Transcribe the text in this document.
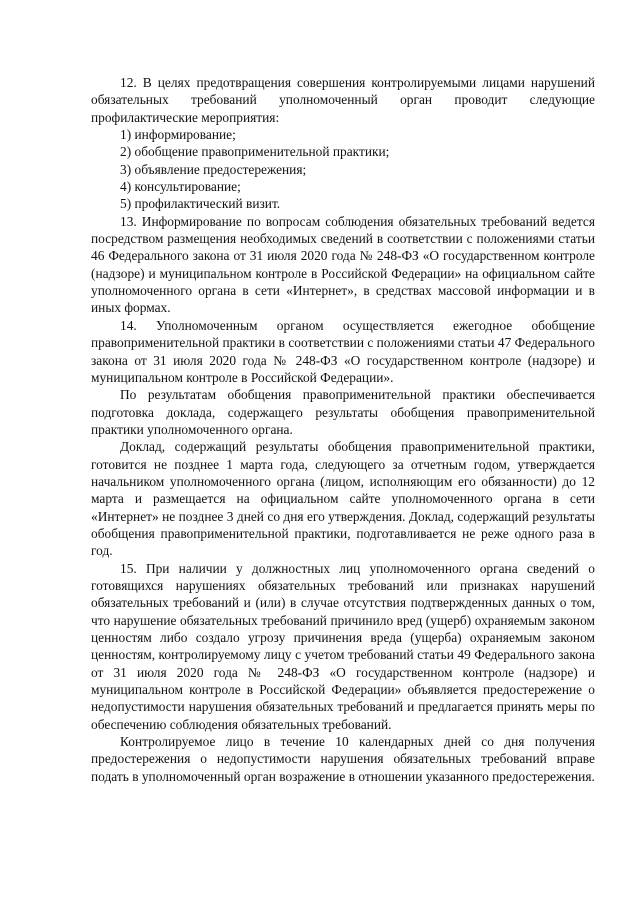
12. В целях предотвращения совершения контролируемыми лицами нарушений обязательных требований уполномоченный орган проводит следующие профилактические мероприятия:

1) информирование;

2) обобщение правоприменительной практики;

3) объявление предостережения;

4) консультирование;

5) профилактический визит.

13. Информирование по вопросам соблюдения обязательных требований ведется посредством размещения необходимых сведений в соответствии с положениями статьи 46 Федерального закона от 31 июля 2020 года № 248-ФЗ «О государственном контроле (надзоре) и муниципальном контроле в Российской Федерации» на официальном сайте уполномоченного органа в сети «Интернет», в средствах массовой информации и в иных формах.

14. Уполномоченным органом осуществляется ежегодное обобщение правоприменительной практики в соответствии с положениями статьи 47 Федерального закона от 31 июля 2020 года № 248-ФЗ «О государственном контроле (надзоре) и муниципальном контроле в Российской Федерации».

По результатам обобщения правоприменительной практики обеспечивается подготовка доклада, содержащего результаты обобщения правоприменительной практики уполномоченного органа.

Доклад, содержащий результаты обобщения правоприменительной практики, готовится не позднее 1 марта года, следующего за отчетным годом, утверждается начальником уполномоченного органа (лицом, исполняющим его обязанности) до 12 марта и размещается на официальном сайте уполномоченного органа в сети «Интернет» не позднее 3 дней со дня его утверждения. Доклад, содержащий результаты обобщения правоприменительной практики, подготавливается не реже одного раза в год.

15. При наличии у должностных лиц уполномоченного органа сведений о готовящихся нарушениях обязательных требований или признаках нарушений обязательных требований и (или) в случае отсутствия подтвержденных данных о том, что нарушение обязательных требований причинило вред (ущерб) охраняемым законом ценностям либо создало угрозу причинения вреда (ущерба) охраняемым законом ценностям, контролируемому лицу с учетом требований статьи 49 Федерального закона от 31 июля 2020 года № 248-ФЗ «О государственном контроле (надзоре) и муниципальном контроле в Российской Федерации» объявляется предостережение о недопустимости нарушения обязательных требований и предлагается принять меры по обеспечению соблюдения обязательных требований.

Контролируемое лицо в течение 10 календарных дней со дня получения предостережения о недопустимости нарушения обязательных требований вправе подать в уполномоченный орган возражение в отношении указанного предостережения.
